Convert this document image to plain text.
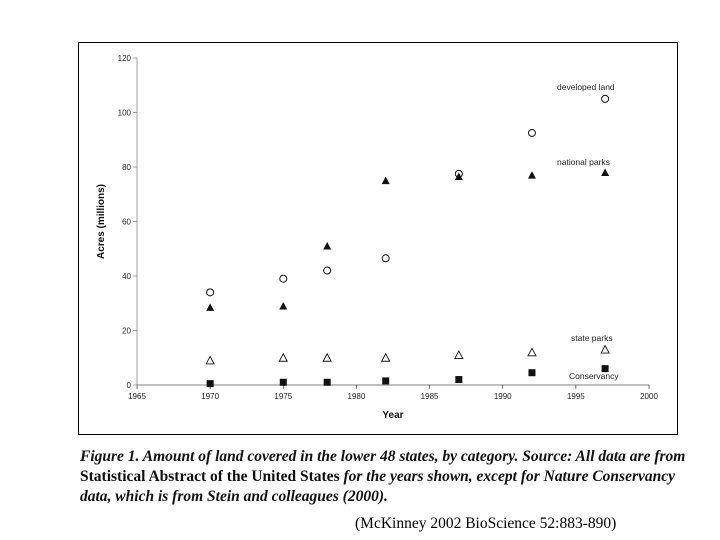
1965	1970	1975	1980	1985	1990	1995	2000
0
20
40
60
80
100
120
Year
Acres (millions)
developed land
national parks
state parks
Conservancy

Figure 1. Amount of land covered in the lower 48 states, by category. Source: All data are from Statistical Abstract of the United States for the years shown, except for Nature Conservancy data, which is from Stein and colleagues (2000).

(McKinney 2002 BioScience 52:883-890)
